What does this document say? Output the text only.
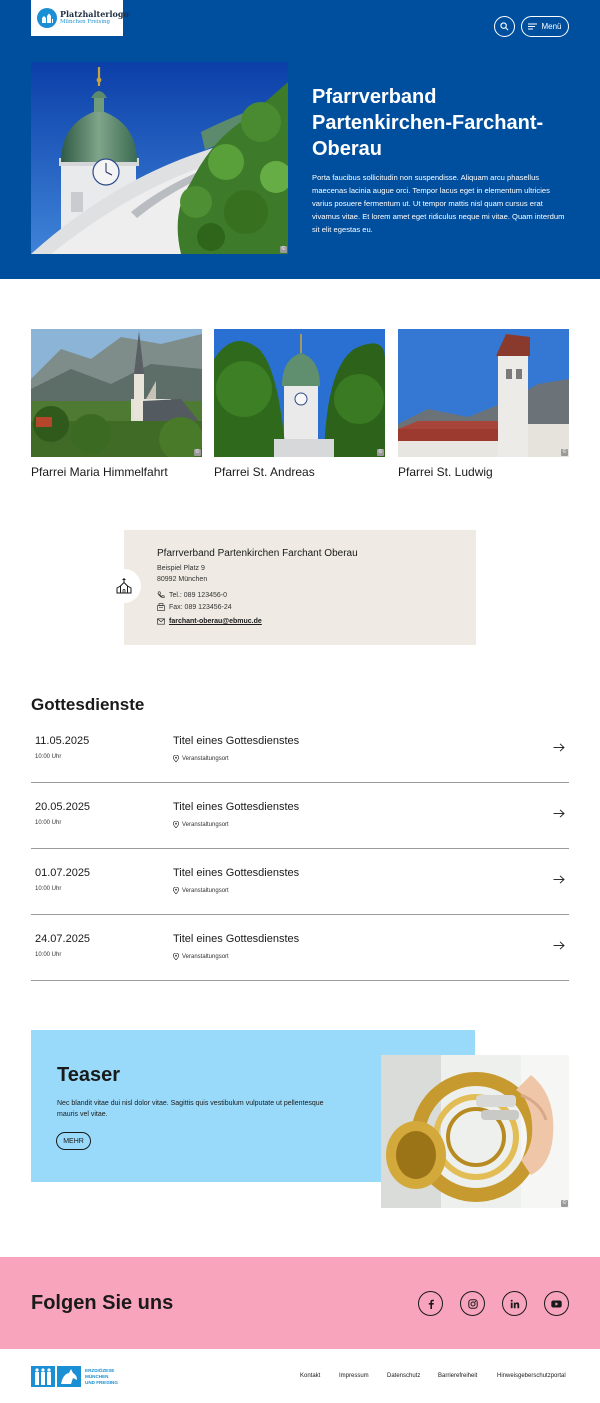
Platzhalterlogo
München Freising	Menü
©
Pfarrverband Partenkirchen-Farchant-Oberau

Porta faucibus sollicitudin non suspendisse. Aliquam arcu phasellus maecenas lacinia augue orci. Tempor lacus eget in elementum ultricies varius posuere fermentum ut. Ut tempor mattis nisl quam cursus erat vivamus vitae. Et lorem amet eget ridiculus neque mi vitae. Quam interdum sit elit egestas eu.

©
Pfarrei Maria Himmelfahrt
©
Pfarrei St. Andreas
©
Pfarrei St. Ludwig
Pfarrverband Partenkirchen Farchant Oberau
Beispiel Platz 9
80992 München
Tel.: 089 123456-0
Fax: 089 123456-24
farchant-oberau@ebmuc.de
Gottesdienste
11.05.2025
10:00 Uhr
Titel eines Gottesdienstes
Veranstaltungsort
20.05.2025
10:00 Uhr
Titel eines Gottesdienstes
Veranstaltungsort
01.07.2025
10:00 Uhr
Titel eines Gottesdienstes
Veranstaltungsort
24.07.2025
10:00 Uhr
Titel eines Gottesdienstes
Veranstaltungsort
Teaser

Nec blandit vitae dui nisl dolor vitae. Sagittis quis vestibulum vulputate ut pellentesque mauris vel vitae.

MEHR
©
Folgen Sie uns
ERZDIÖZESE
MÜNCHEN
UND FREISING
Kontakt	Impressum	Datenschutz	Barrierefreiheit	Hinweisgeberschutzportal
